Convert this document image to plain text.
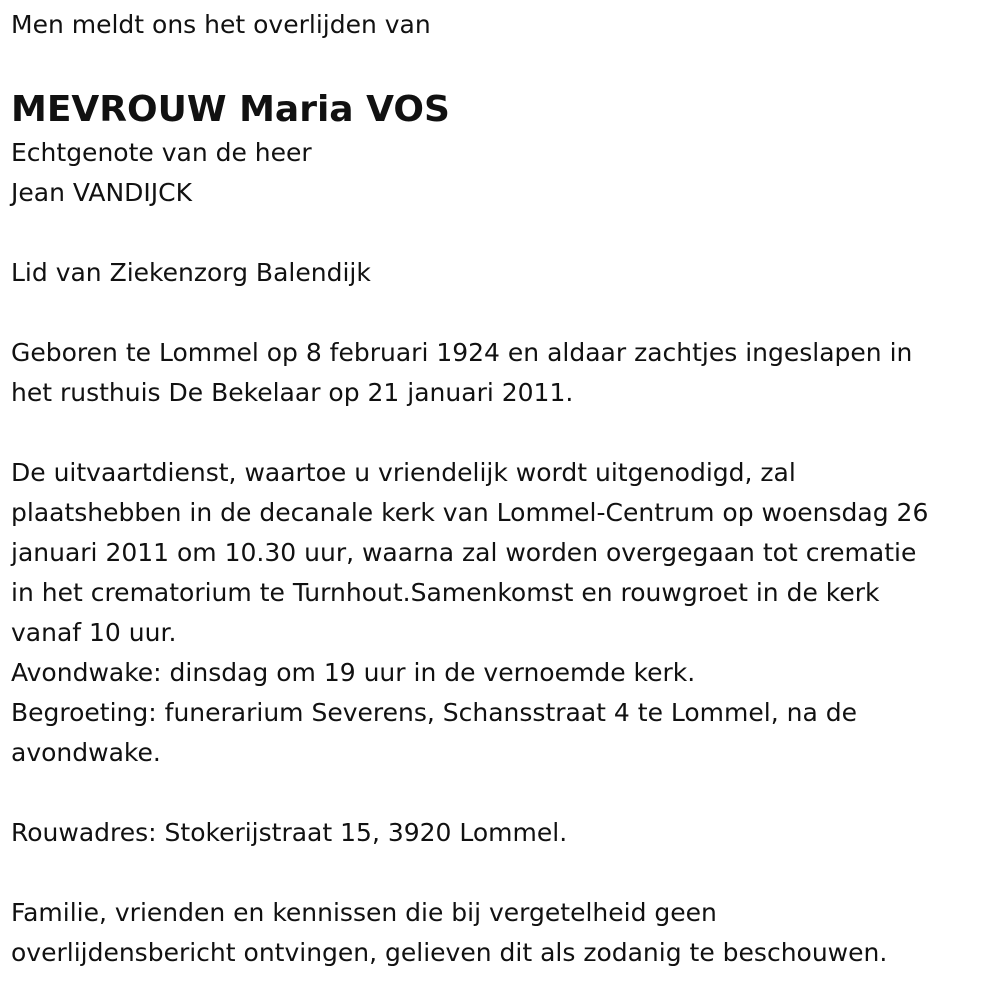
Men meldt ons het overlijden van
MEVROUW Maria VOS
Echtgenote van de heer
Jean VANDIJCK
Lid van Ziekenzorg Balendijk
Geboren te Lommel op 8 februari 1924 en aldaar zachtjes ingeslapen in
het rusthuis De Bekelaar op 21 januari 2011.
De uitvaartdienst, waartoe u vriendelijk wordt uitgenodigd, zal
plaatshebben in de decanale kerk van Lommel-Centrum op woensdag 26
januari 2011 om 10.30 uur, waarna zal worden overgegaan tot crematie
in het crematorium te Turnhout.Samenkomst en rouwgroet in de kerk
vanaf 10 uur.
Avondwake: dinsdag om 19 uur in de vernoemde kerk.
Begroeting: funerarium Severens, Schansstraat 4 te Lommel, na de
avondwake.
Rouwadres: Stokerijstraat 15, 3920 Lommel.
Familie, vrienden en kennissen die bij vergetelheid geen
overlijdensbericht ontvingen, gelieven dit als zodanig te beschouwen.
